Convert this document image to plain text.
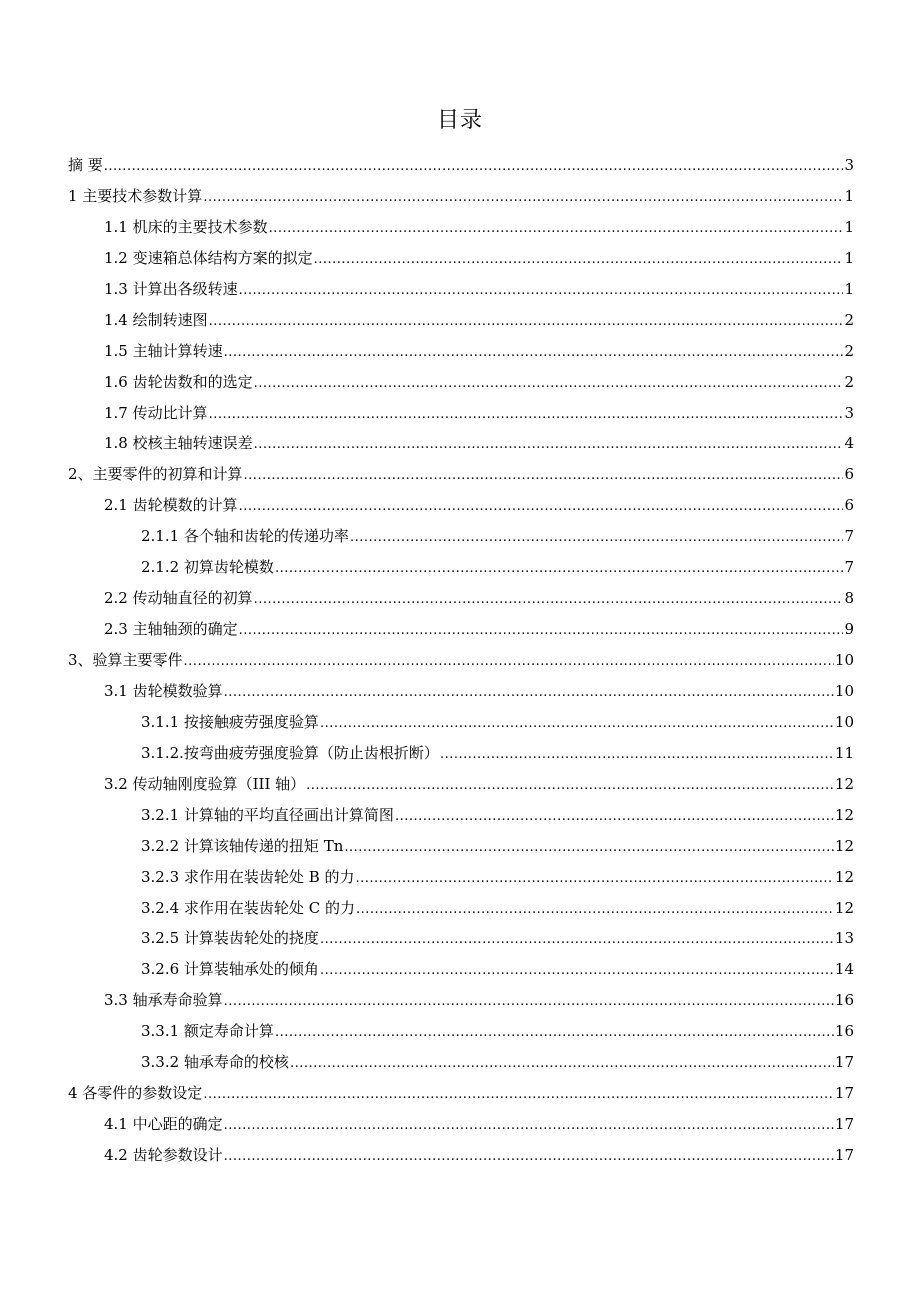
目录
摘 要 .....	3
1 主要技术参数计算 .....	1
1.1 机床的主要技术参数 .....	1
1.2 变速箱总体结构方案的拟定 .....	1
1.3 计算出各级转速 .....	1
1.4 绘制转速图 .....	2
1.5 主轴计算转速 .....	2
1.6 齿轮齿数和的选定 .....	2
1.7 传动比计算 .....	3
1.8 校核主轴转速误差 .....	4
2、主要零件的初算和计算 .....	6
2.1 齿轮模数的计算 .....	6
2.1.1 各个轴和齿轮的传递功率 .....	7
2.1.2 初算齿轮模数 .....	7
2.2 传动轴直径的初算 .....	8
2.3 主轴轴颈的确定 .....	9
3、验算主要零件 .....	10
3.1 齿轮模数验算 .....	10
3.1.1 按接触疲劳强度验算 .....	10
3.1.2.按弯曲疲劳强度验算（防止齿根折断） .....	11
3.2 传动轴刚度验算（III 轴） .....	12
3.2.1 计算轴的平均直径画出计算简图 .....	12
3.2.2 计算该轴传递的扭矩 Tn .....	12
3.2.3 求作用在装齿轮处 B 的力 .....	12
3.2.4 求作用在装齿轮处 C 的力 .....	12
3.2.5 计算装齿轮处的挠度 .....	13
3.2.6 计算装轴承处的倾角 .....	14
3.3 轴承寿命验算 .....	16
3.3.1 额定寿命计算 .....	16
3.3.2 轴承寿命的校核 .....	17
4 各零件的参数设定 .....	17
4.1 中心距的确定 .....	17
4.2 齿轮参数设计 .....	17
